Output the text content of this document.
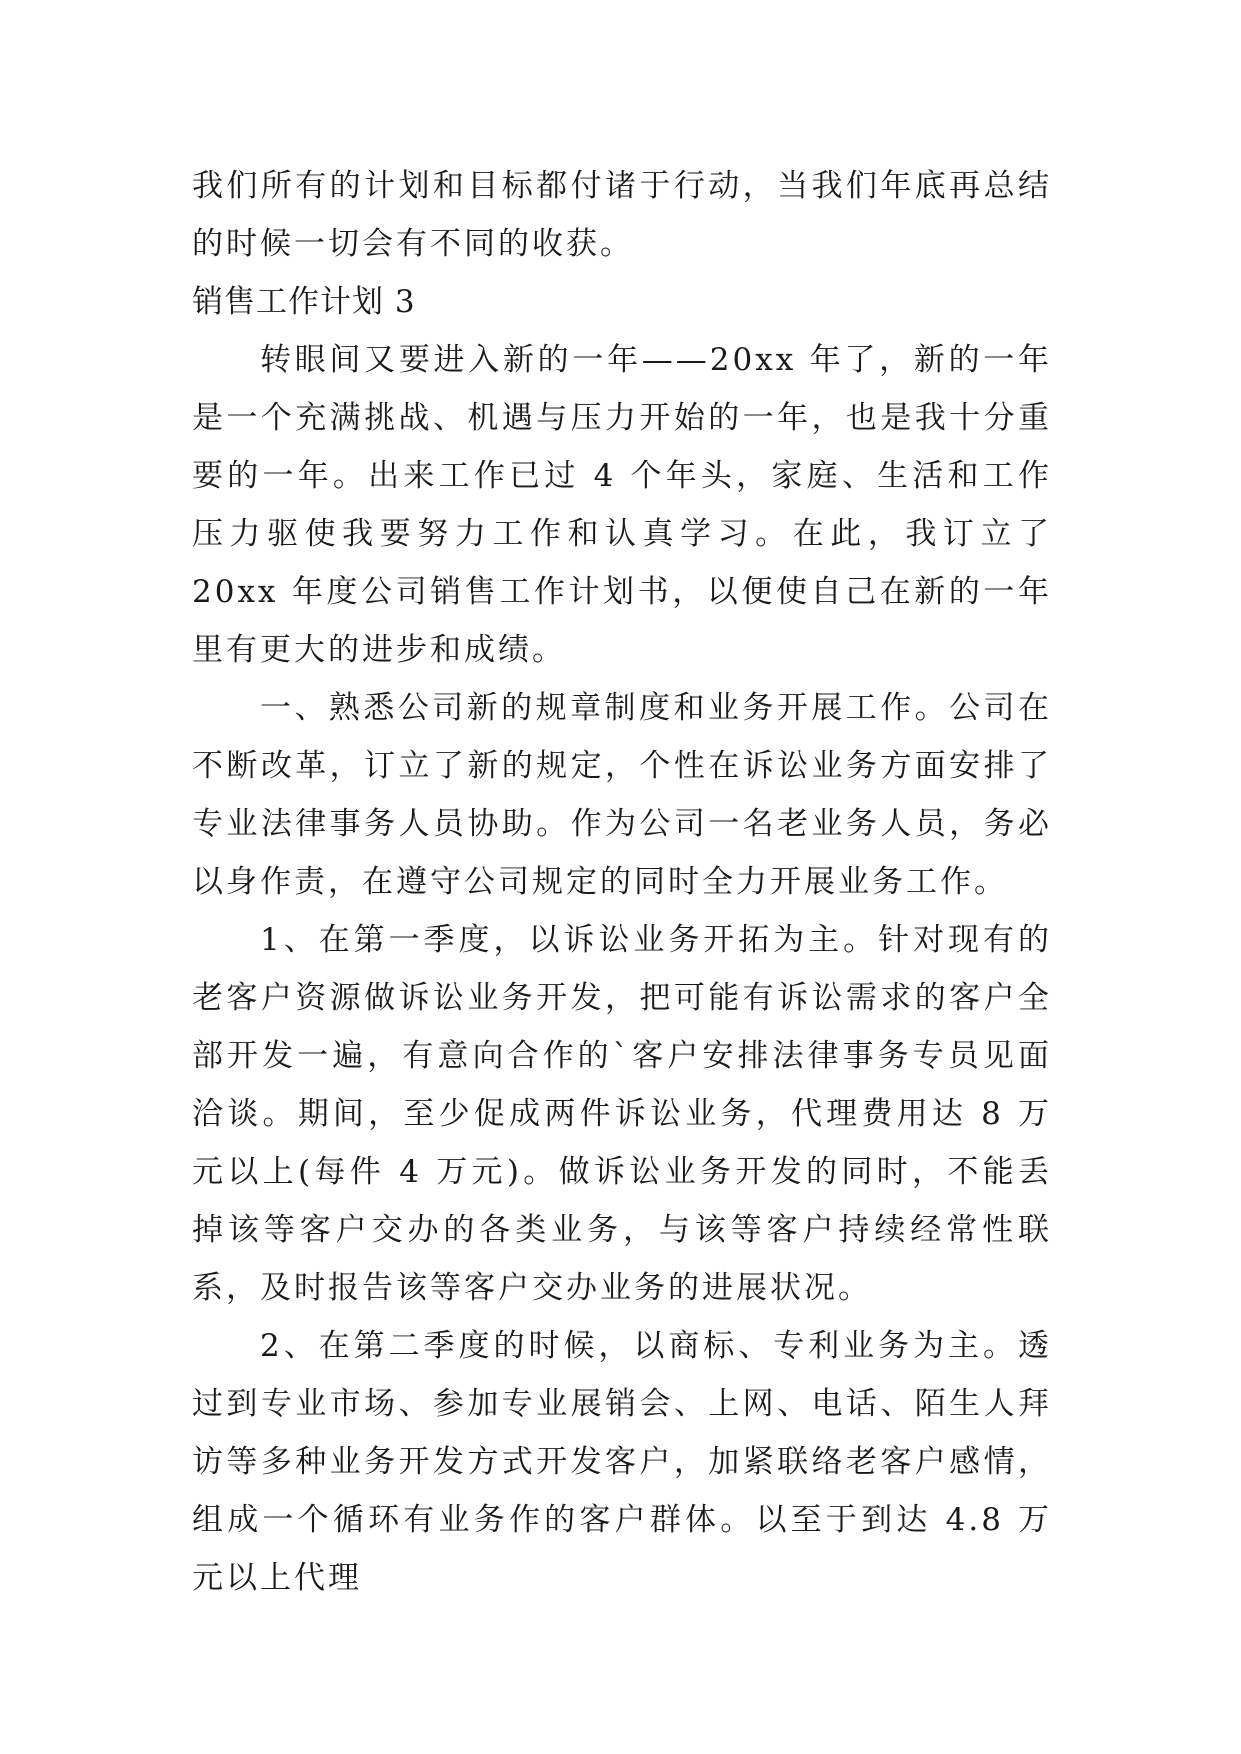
我们所有的计划和目标都付诸于行动，当我们年底再总结的时候一切会有不同的收获。

销售工作计划 3

转眼间又要进入新的一年——20xx 年了，新的一年是一个充满挑战、机遇与压力开始的一年，也是我十分重要的一年。出来工作已过 4 个年头，家庭、生活和工作压力驱使我要努力工作和认真学习。在此，我订立了 20xx 年度公司销售工作计划书，以便使自己在新的一年里有更大的进步和成绩。

一、熟悉公司新的规章制度和业务开展工作。公司在不断改革，订立了新的规定，个性在诉讼业务方面安排了专业法律事务人员协助。作为公司一名老业务人员，务必以身作责，在遵守公司规定的同时全力开展业务工作。

1、在第一季度，以诉讼业务开拓为主。针对现有的老客户资源做诉讼业务开发，把可能有诉讼需求的客户全部开发一遍，有意向合作的`客户安排法律事务专员见面洽谈。期间，至少促成两件诉讼业务，代理费用达 8 万元以上(每件 4 万元)。做诉讼业务开发的同时，不能丢掉该等客户交办的各类业务，与该等客户持续经常性联系，及时报告该等客户交办业务的进展状况。

2、在第二季度的时候，以商标、专利业务为主。透过到专业市场、参加专业展销会、上网、电话、陌生人拜访等多种业务开发方式开发客户，加紧联络老客户感情，组成一个循环有业务作的客户群体。以至于到达 4.8 万元以上代理
